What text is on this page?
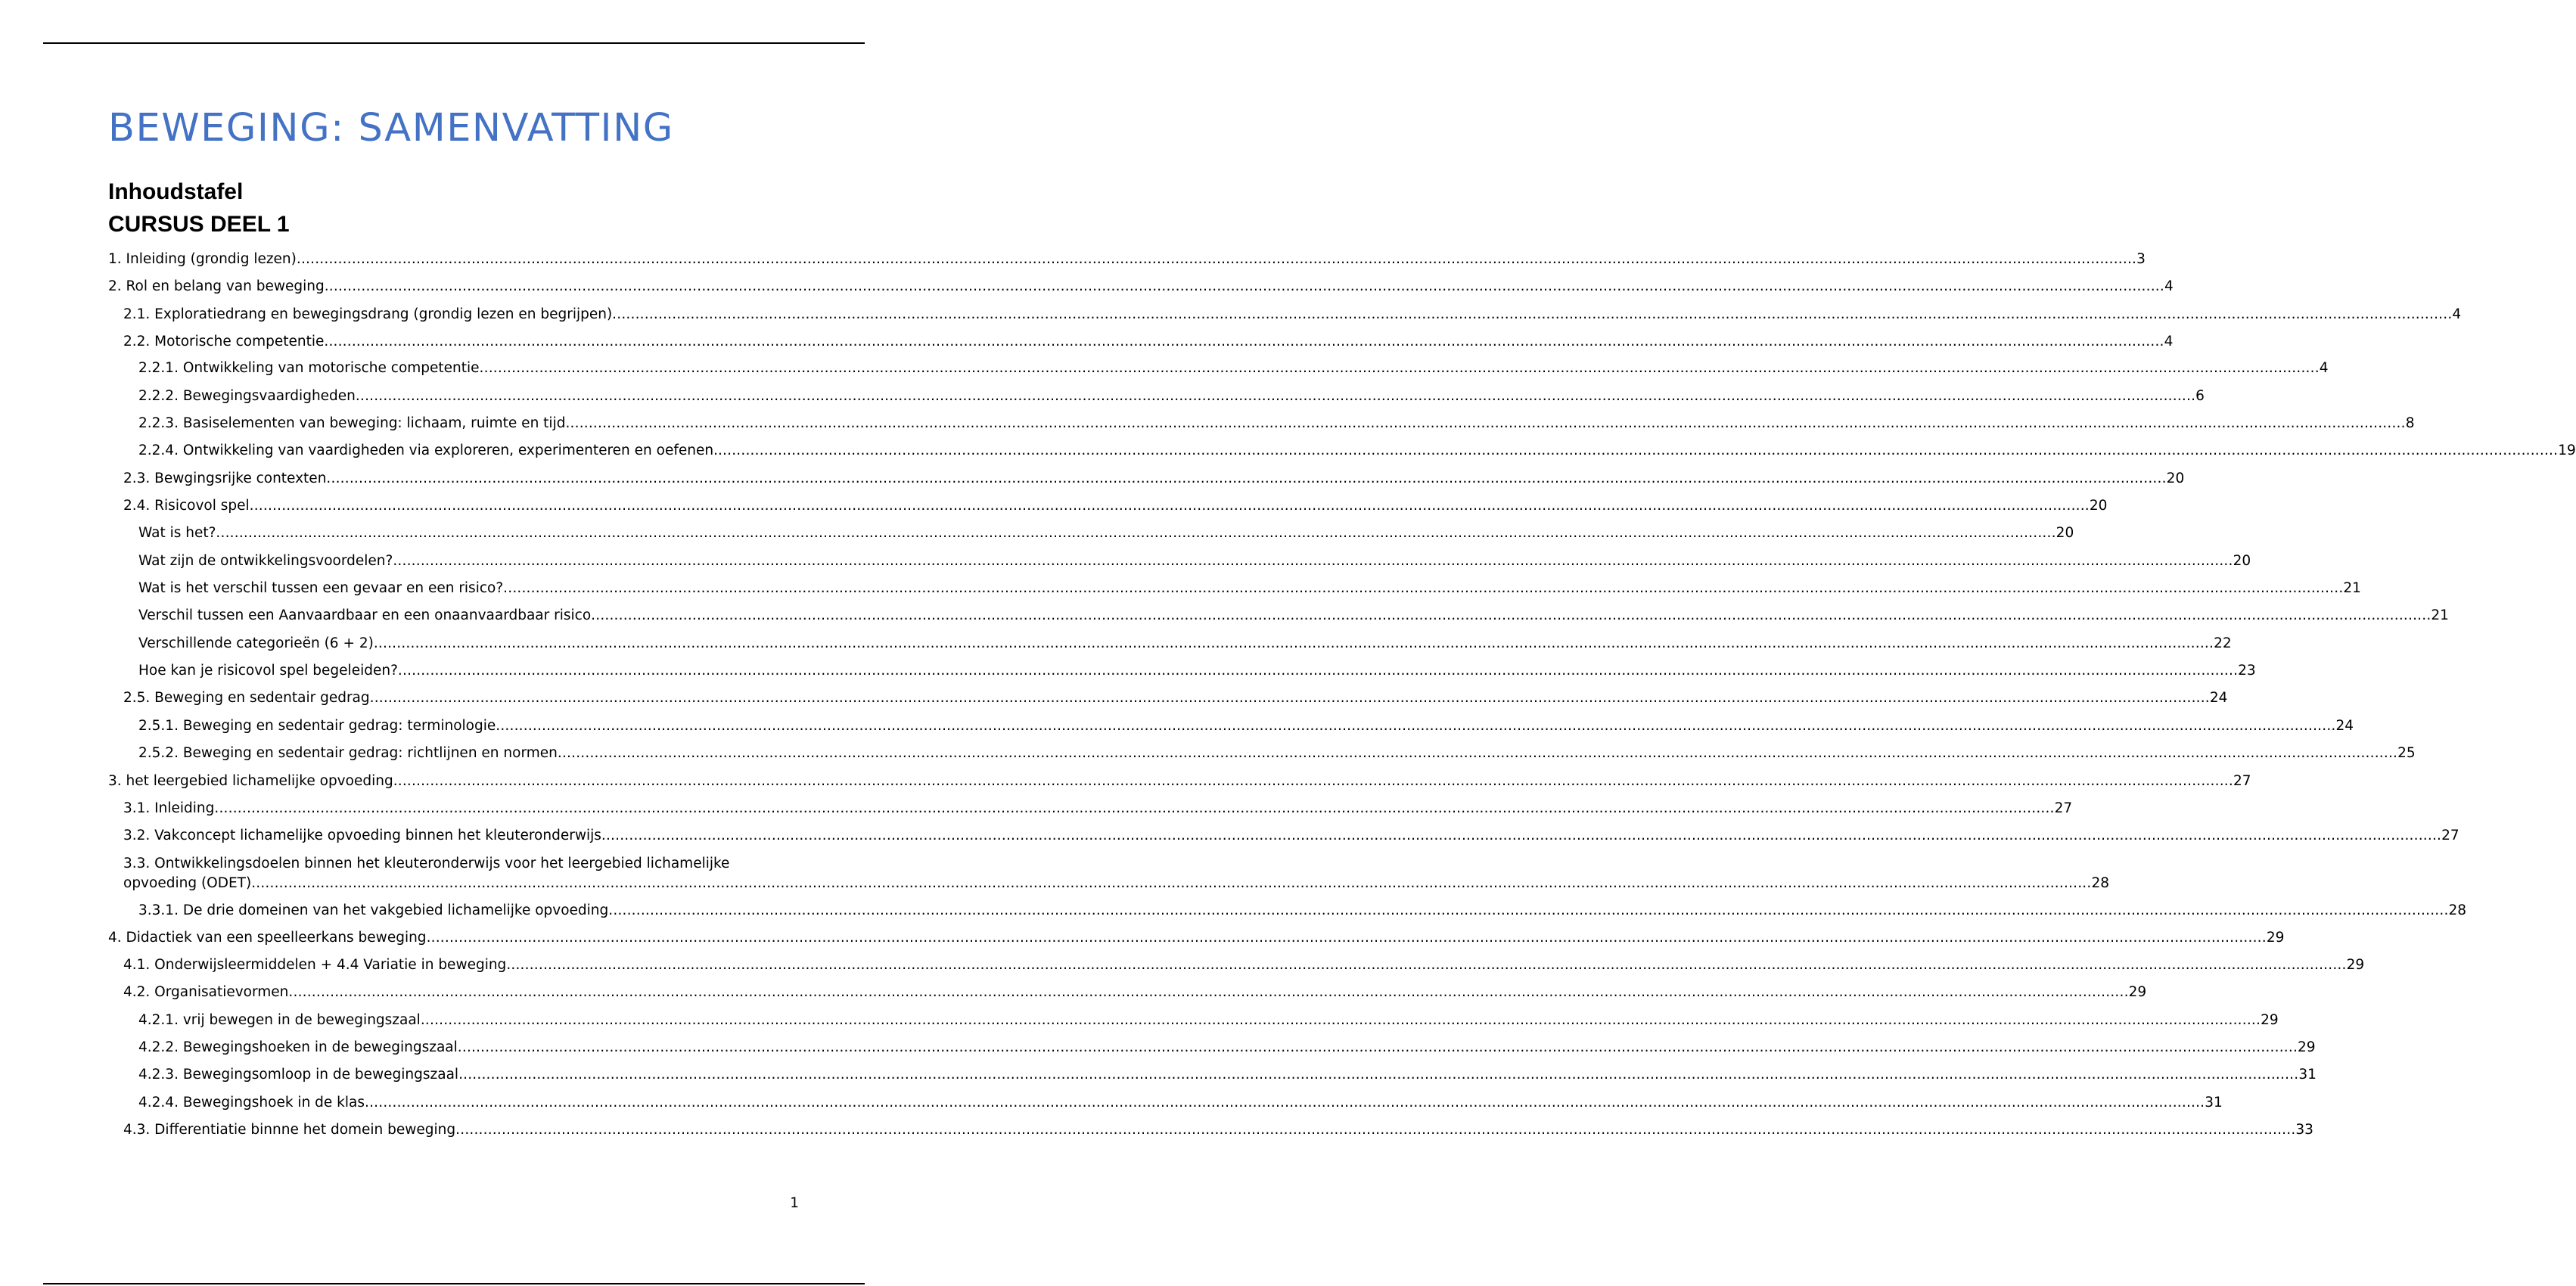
BEWEGING: SAMENVATTING
Inhoudstafel
CURSUS DEEL 1
1. Inleiding (grondig lezen) ................................................................................................................................................................................................................................................................................................................................................................................................................ 3
2. Rol en belang van beweging ................................................................................................................................................................................................................................................................................................................................................................................................................ 4
2.1. Exploratiedrang en bewegingsdrang (grondig lezen en begrijpen) ................................................................................................................................................................................................................................................................................................................................................................................................................ 4
2.2. Motorische competentie ................................................................................................................................................................................................................................................................................................................................................................................................................ 4
2.2.1. Ontwikkeling van motorische competentie ................................................................................................................................................................................................................................................................................................................................................................................................................ 4
2.2.2. Bewegingsvaardigheden ................................................................................................................................................................................................................................................................................................................................................................................................................ 6
2.2.3. Basiselementen van beweging: lichaam, ruimte en tijd ................................................................................................................................................................................................................................................................................................................................................................................................................ 8
2.2.4. Ontwikkeling van vaardigheden via exploreren, experimenteren en oefenen. ................................................................................................................................................................................................................................................................................................................................................................................................................ 19
2.3. Bewgingsrijke contexten ................................................................................................................................................................................................................................................................................................................................................................................................................ 20
2.4. Risicovol spel ................................................................................................................................................................................................................................................................................................................................................................................................................ 20
Wat is het? ................................................................................................................................................................................................................................................................................................................................................................................................................ 20
Wat zijn de ontwikkelingsvoordelen? ................................................................................................................................................................................................................................................................................................................................................................................................................ 20
Wat is het verschil tussen een gevaar en een risico? ................................................................................................................................................................................................................................................................................................................................................................................................................ 21
Verschil tussen een Aanvaardbaar en een onaanvaardbaar risico ................................................................................................................................................................................................................................................................................................................................................................................................................ 21
Verschillende categorieën (6 + 2) ................................................................................................................................................................................................................................................................................................................................................................................................................ 22
Hoe kan je risicovol spel begeleiden? ................................................................................................................................................................................................................................................................................................................................................................................................................ 23
2.5. Beweging en sedentair gedrag ................................................................................................................................................................................................................................................................................................................................................................................................................ 24
2.5.1. Beweging en sedentair gedrag: terminologie ................................................................................................................................................................................................................................................................................................................................................................................................................ 24
2.5.2. Beweging en sedentair gedrag: richtlijnen en normen ................................................................................................................................................................................................................................................................................................................................................................................................................ 25
3. het leergebied lichamelijke opvoeding ................................................................................................................................................................................................................................................................................................................................................................................................................ 27
3.1. Inleiding ................................................................................................................................................................................................................................................................................................................................................................................................................ 27
3.2. Vakconcept lichamelijke opvoeding binnen het kleuteronderwijs ................................................................................................................................................................................................................................................................................................................................................................................................................ 27
3.3. Ontwikkelingsdoelen binnen het kleuteronderwijs voor het leergebied lichamelijke
opvoeding (ODET) ................................................................................................................................................................................................................................................................................................................................................................................................................ 28
3.3.1. De drie domeinen van het vakgebied lichamelijke opvoeding ................................................................................................................................................................................................................................................................................................................................................................................................................ 28
4. Didactiek van een speelleerkans beweging ................................................................................................................................................................................................................................................................................................................................................................................................................ 29
4.1. Onderwijsleermiddelen + 4.4 Variatie in beweging ................................................................................................................................................................................................................................................................................................................................................................................................................ 29
4.2. Organisatievormen ................................................................................................................................................................................................................................................................................................................................................................................................................ 29
4.2.1. vrij bewegen in de bewegingszaal ................................................................................................................................................................................................................................................................................................................................................................................................................ 29
4.2.2. Bewegingshoeken in de bewegingszaal ................................................................................................................................................................................................................................................................................................................................................................................................................ 29
4.2.3. Bewegingsomloop in de bewegingszaal ................................................................................................................................................................................................................................................................................................................................................................................................................ 31
4.2.4. Bewegingshoek in de klas ................................................................................................................................................................................................................................................................................................................................................................................................................ 31
4.3. Differentiatie binnne het domein beweging ................................................................................................................................................................................................................................................................................................................................................................................................................ 33
1
